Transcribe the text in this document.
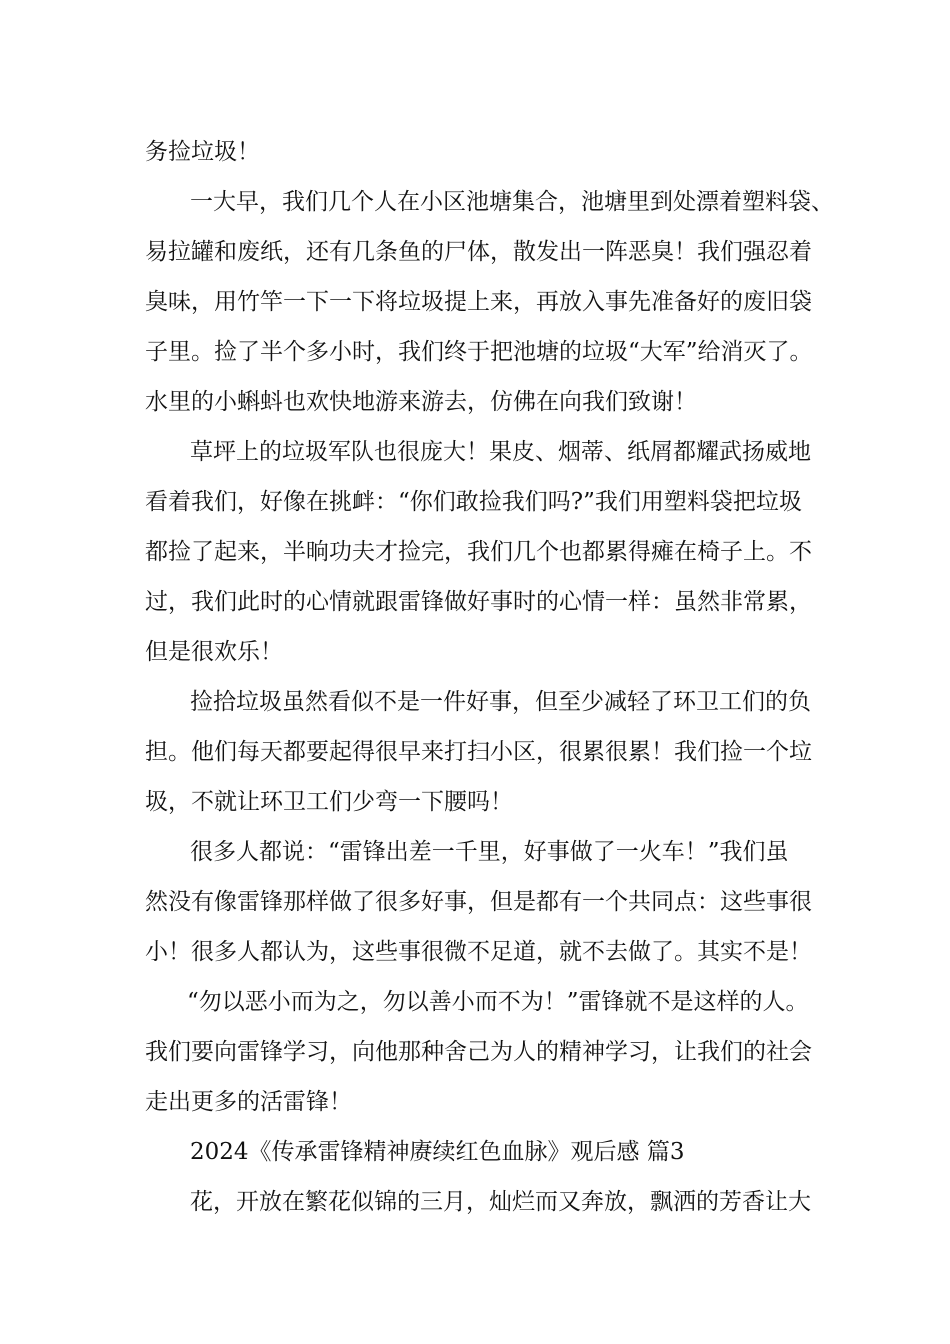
务捡垃圾！
一大早，我们几个人在小区池塘集合，池塘里到处漂着塑料袋、
易拉罐和废纸，还有几条鱼的尸体，散发出一阵恶臭！我们强忍着
臭味，用竹竿一下一下将垃圾提上来，再放入事先准备好的废旧袋
子里。捡了半个多小时，我们终于把池塘的垃圾“大军”给消灭了。
水里的小蝌蚪也欢快地游来游去，仿佛在向我们致谢！
草坪上的垃圾军队也很庞大！果皮、烟蒂、纸屑都耀武扬威地
看着我们，好像在挑衅：“你们敢捡我们吗?”我们用塑料袋把垃圾
都捡了起来，半晌功夫才捡完，我们几个也都累得瘫在椅子上。不
过，我们此时的心情就跟雷锋做好事时的心情一样：虽然非常累，
但是很欢乐！
捡拾垃圾虽然看似不是一件好事，但至少减轻了环卫工们的负
担。他们每天都要起得很早来打扫小区，很累很累！我们捡一个垃
圾，不就让环卫工们少弯一下腰吗！
很多人都说：“雷锋出差一千里，好事做了一火车！”我们虽
然没有像雷锋那样做了很多好事，但是都有一个共同点：这些事很
小！很多人都认为，这些事很微不足道，就不去做了。其实不是！
“勿以恶小而为之，勿以善小而不为！”雷锋就不是这样的人。
我们要向雷锋学习，向他那种舍己为人的精神学习，让我们的社会
走出更多的活雷锋！
2024《传承雷锋精神赓续红色血脉》观后感 篇3
花，开放在繁花似锦的三月，灿烂而又奔放，飘洒的芳香让大
